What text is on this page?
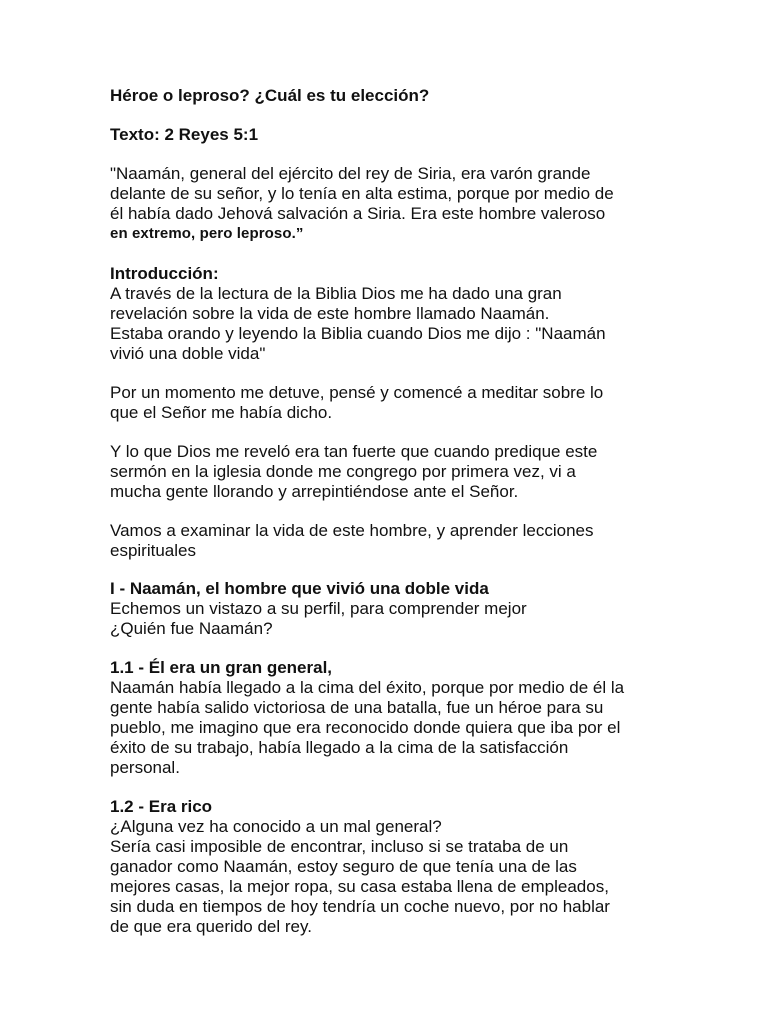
Héroe o leproso? ¿Cuál es tu elección?
Texto: 2 Reyes 5:1
"Naamán, general del ejército del rey de Siria, era varón grande
delante de su señor, y lo tenía en alta estima, porque por medio de
él había dado Jehová salvación a Siria. Era este hombre valeroso
en extremo, pero leproso.”
Introducción:
A través de la lectura de la Biblia Dios me ha dado una gran
revelación sobre la vida de este hombre llamado Naamán.
Estaba orando y leyendo la Biblia cuando Dios me dijo : "Naamán
vivió una doble vida"
Por un momento me detuve, pensé y comencé a meditar sobre lo
que el Señor me había dicho.
Y lo que Dios me reveló era tan fuerte que cuando predique este
sermón en la iglesia donde me congrego por primera vez, vi a
mucha gente llorando y arrepintiéndose ante el Señor.
Vamos a examinar la vida de este hombre, y aprender lecciones
espirituales
I - Naamán, el hombre que vivió una doble vida
Echemos un vistazo a su perfil, para comprender mejor
¿Quién fue Naamán?
1.1 - Él era un gran general,
Naamán había llegado a la cima del éxito, porque por medio de él la
gente había salido victoriosa de una batalla, fue un héroe para su
pueblo, me imagino que era reconocido donde quiera que iba por el
éxito de su trabajo, había llegado a la cima de la satisfacción
personal.
1.2 - Era rico
¿Alguna vez ha conocido a un mal general?
Sería casi imposible de encontrar, incluso si se trataba de un
ganador como Naamán, estoy seguro de que tenía una de las
mejores casas, la mejor ropa, su casa estaba llena de empleados,
sin duda en tiempos de hoy tendría un coche nuevo, por no hablar
de que era querido del rey.
